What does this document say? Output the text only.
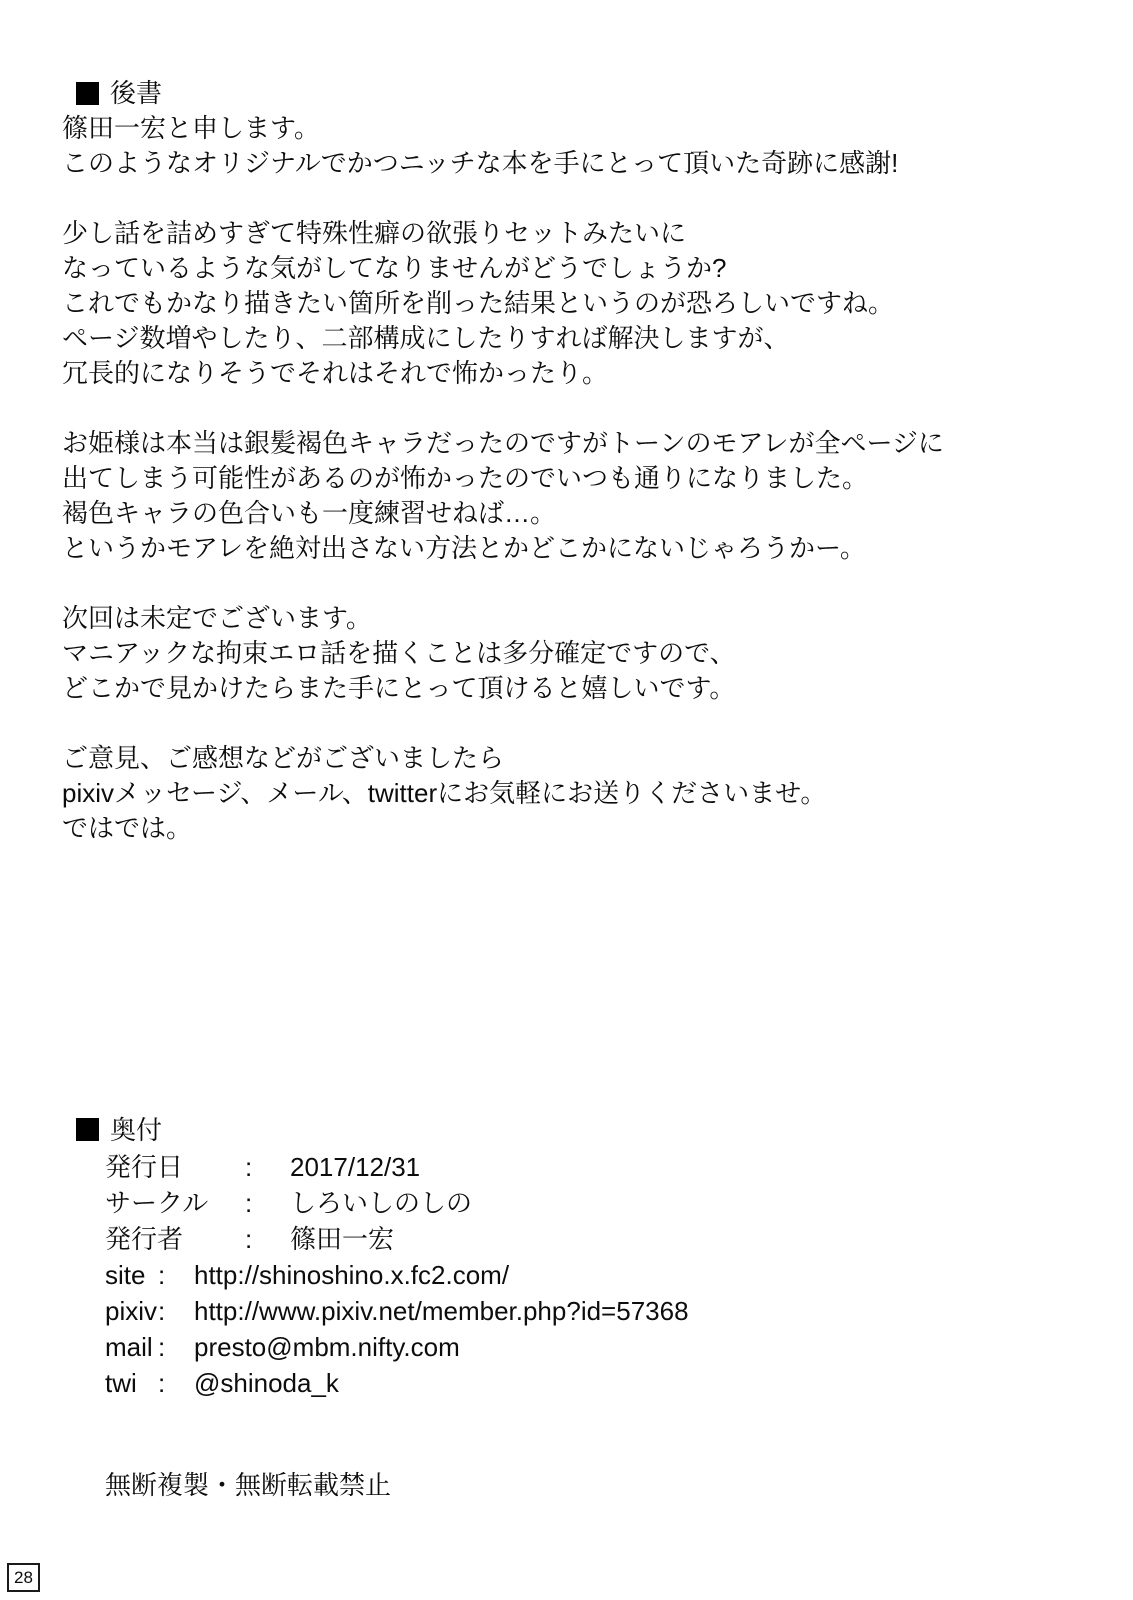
後書
篠田一宏と申します。
このようなオリジナルでかつニッチな本を手にとって頂いた奇跡に感謝!
少し話を詰めすぎて特殊性癖の欲張りセットみたいに
なっているような気がしてなりませんがどうでしょうか?
これでもかなり描きたい箇所を削った結果というのが恐ろしいですね。
ページ数増やしたり、二部構成にしたりすれば解決しますが、
冗長的になりそうでそれはそれで怖かったり。
お姫様は本当は銀髪褐色キャラだったのですがトーンのモアレが全ページに
出てしまう可能性があるのが怖かったのでいつも通りになりました。
褐色キャラの色合いも一度練習せねば…。
というかモアレを絶対出さない方法とかどこかにないじゃろうかー。
次回は未定でございます。
マニアックな拘束エロ話を描くことは多分確定ですので、
どこかで見かけたらまた手にとって頂けると嬉しいです。
ご意見、ご感想などがございましたら
pixivメッセージ、メール、twitterにお気軽にお送りくださいませ。
ではでは。
奥付
発行日	:	2017/12/31
サークル	:	しろいしのしの
発行者	:	篠田一宏
site :	http://shinoshino.x.fc2.com/
pixiv :	http://www.pixiv.net/member.php?id=57368
mail :	presto@mbm.nifty.com
twi :	@shinoda_k
無断複製・無断転載禁止
28
